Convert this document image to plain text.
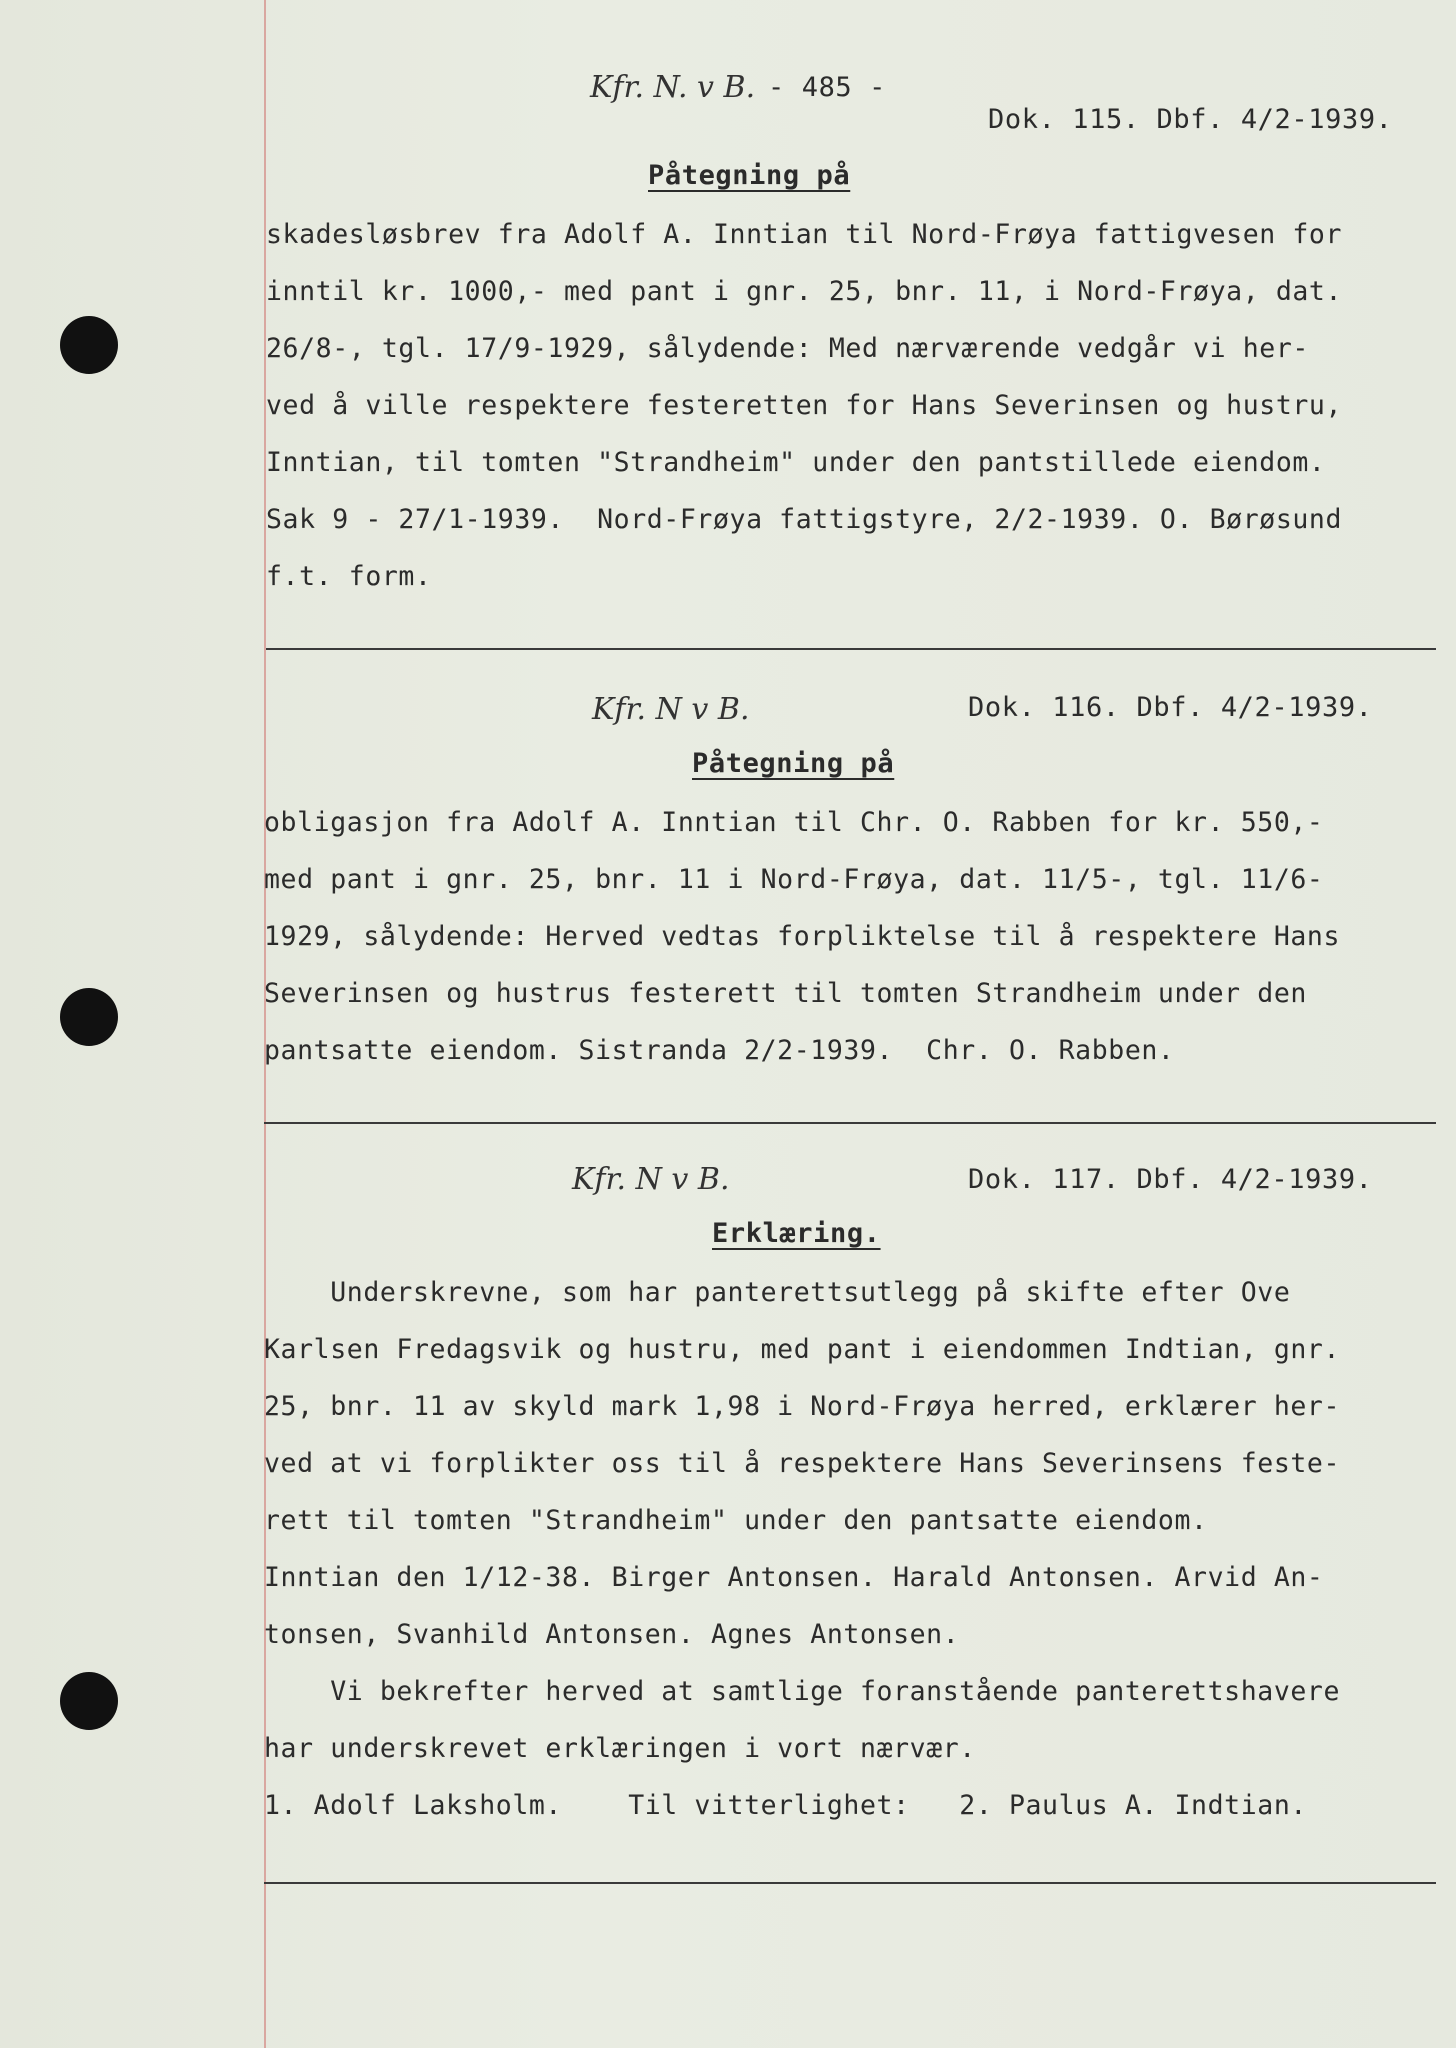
Kfr. N. v B. - 485 -
Dok. 115. Dbf. 4/2-1939.
Påtegning på
skadesløsbrev fra Adolf A. Inntian til Nord-Frøya fattigvesen for
inntil kr. 1000,- med pant i gnr. 25, bnr. 11, i Nord-Frøya, dat.
26/8-, tgl. 17/9-1929, sålydende: Med nærværende vedgår vi her-
ved å ville respektere festeretten for Hans Severinsen og hustru,
Inntian, til tomten "Strandheim" under den pantstillede eiendom.
Sak 9 - 27/1-1939.  Nord-Frøya fattigstyre, 2/2-1939. O. Børøsund
f.t. form.
Kfr. N v B.	Dok. 116. Dbf. 4/2-1939.
Påtegning på
obligasjon fra Adolf A. Inntian til Chr. O. Rabben for kr. 550,-
med pant i gnr. 25, bnr. 11 i Nord-Frøya, dat. 11/5-, tgl. 11/6-
1929, sålydende: Herved vedtas forpliktelse til å respektere Hans
Severinsen og hustrus festerett til tomten Strandheim under den
pantsatte eiendom. Sistranda 2/2-1939.  Chr. O. Rabben.
Kfr. N v B.	Dok. 117. Dbf. 4/2-1939.
Erklæring.
Underskrevne, som har panterettsutlegg på skifte efter Ove
Karlsen Fredagsvik og hustru, med pant i eiendommen Indtian, gnr.
25, bnr. 11 av skyld mark 1,98 i Nord-Frøya herred, erklærer her-
ved at vi forplikter oss til å respektere Hans Severinsens feste-
rett til tomten "Strandheim" under den pantsatte eiendom.
Inntian den 1/12-38. Birger Antonsen. Harald Antonsen. Arvid An-
tonsen, Svanhild Antonsen. Agnes Antonsen.
Vi bekrefter herved at samtlige foranstående panterettshavere
har underskrevet erklæringen i vort nærvær.
1. Adolf Laksholm.    Til vitterlighet:   2. Paulus A. Indtian.
